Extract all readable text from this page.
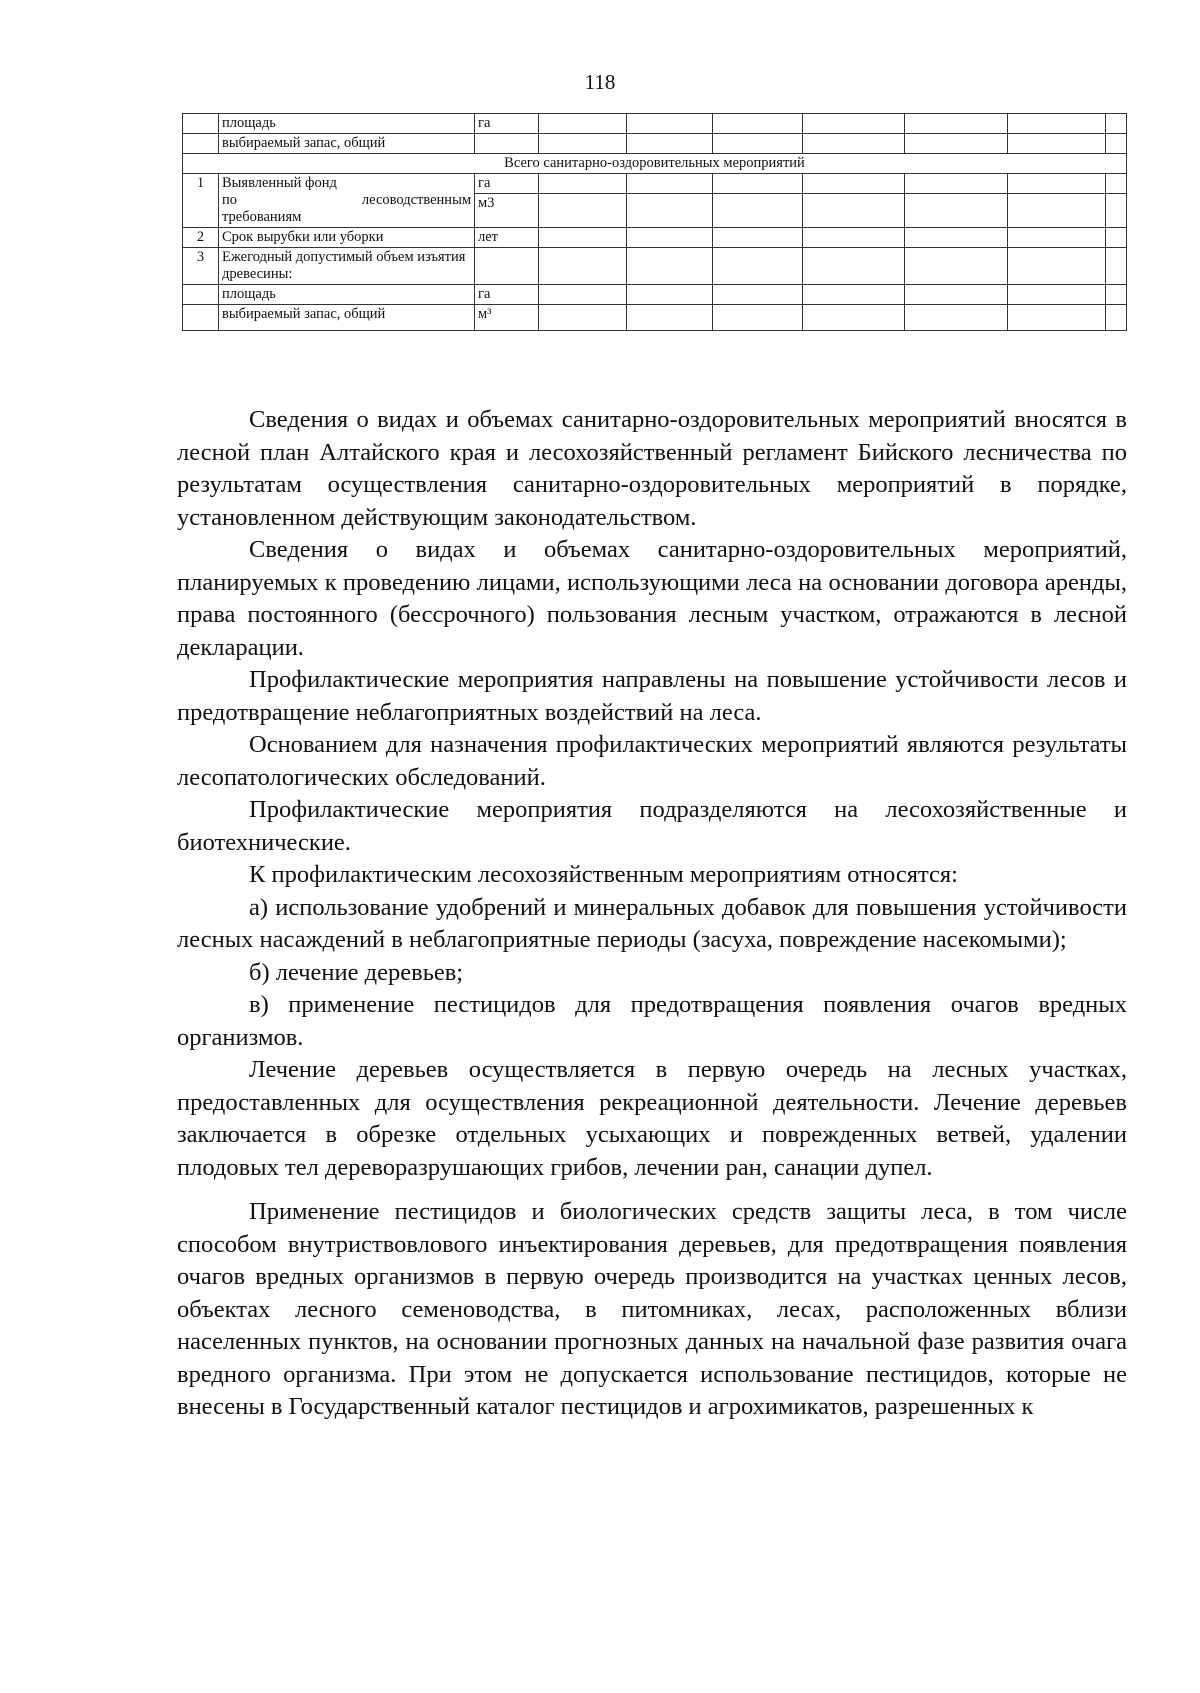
118
	площадь	га							
	выбираемый запас, общий								
Всего санитарно-оздоровительных мероприятий									
1	Выявленный фонд
по лесоводственным
требованиям	га							
		м3							
2	Срок вырубки или уборки	лет							
3	Ежегодный допустимый объем изъятия древесины:								
	площадь	га							
	выбираемый запас, общий	м³							

Сведения о видах и объемах санитарно-оздоровительных мероприятий вносятся в лесной план Алтайского края и лесохозяйственный регламент Бийского лесничества по результатам осуществления санитарно-оздоровительных мероприятий в порядке, установленном действующим законодательством.

Сведения о видах и объемах санитарно-оздоровительных мероприятий, планируемых к проведению лицами, использующими леса на основании договора аренды, права постоянного (бессрочного) пользования лесным участком, отражаются в лесной декларации.

Профилактические мероприятия направлены на повышение устойчивости лесов и предотвращение неблагоприятных воздействий на леса.

Основанием для назначения профилактических мероприятий являются результаты лесопатологических обследований.

Профилактические мероприятия подразделяются на лесохозяйственные и биотехнические.

К профилактическим лесохозяйственным мероприятиям относятся:

а) использование удобрений и минеральных добавок для повышения устойчивости лесных насаждений в неблагоприятные периоды (засуха, повреждение насекомыми);

б) лечение деревьев;

в) применение пестицидов для предотвращения появления очагов вредных организмов.

Лечение деревьев осуществляется в первую очередь на лесных участках, предоставленных для осуществления рекреационной деятельности. Лечение деревьев заключается в обрезке отдельных усыхающих и поврежденных ветвей, удалении плодовых тел дереворазрушающих грибов, лечении ран, санации дупел.

Применение пестицидов и биологических средств защиты леса, в том числе способом внутриствовлового инъектирования деревьев, для предотвращения появления очагов вредных организмов в первую очередь производится на участках ценных лесов, объектах лесного семеноводства, в питомниках, лесах, расположенных вблизи населенных пунктов, на основании прогнозных данных на начальной фазе развития очага вредного организма. При этом не допускается использование пестицидов, которые не внесены в Государственный каталог пестицидов и агрохимикатов, разрешенных к
